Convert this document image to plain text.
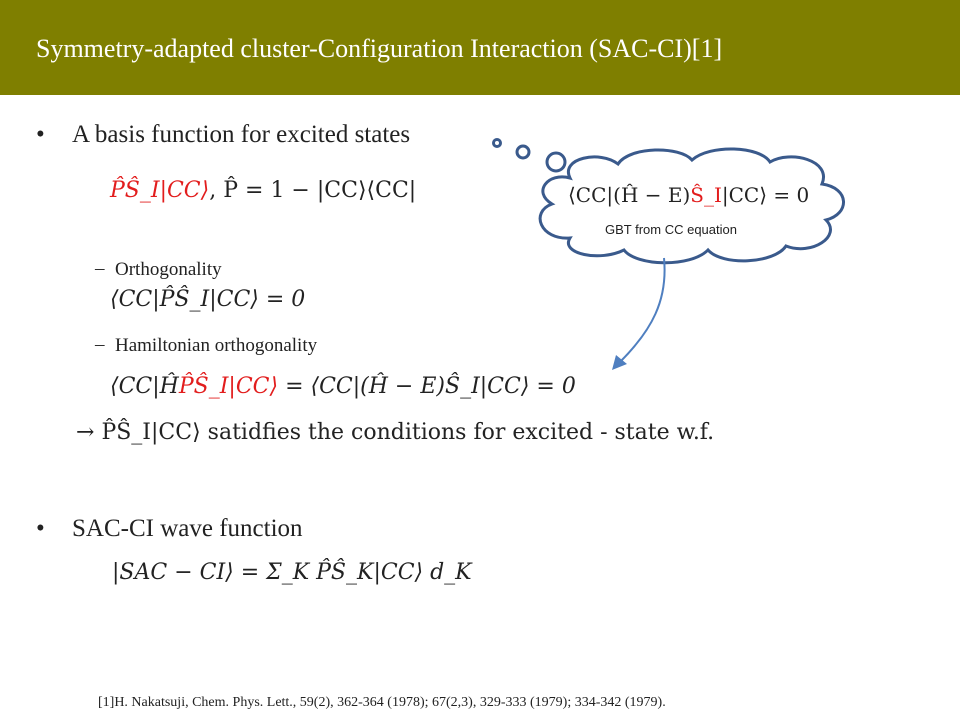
Symmetry-adapted cluster-Configuration Interaction (SAC-CI)[1]
• A basis function for excited states
P̂Ŝ_I|CC⟩, P̂ = 1 − |CC⟩⟨CC|
– Orthogonality
⟨CC|P̂Ŝ_I|CC⟩ = 0
– Hamiltonian orthogonality
⟨CC|ĤP̂Ŝ_I|CC⟩ = ⟨CC|(Ĥ − E)Ŝ_I|CC⟩ = 0
→ P̂Ŝ_I|CC⟩ satidfies the conditions for excited - state w.f.
• SAC-CI wave function
|SAC − CI⟩ = Σ_K P̂Ŝ_K|CC⟩ d_K
⟨CC|(Ĥ − E)Ŝ_I|CC⟩ = 0
GBT from CC equation
[1]H. Nakatsuji, Chem. Phys. Lett., 59(2), 362-364 (1978); 67(2,3), 329-333 (1979); 334-342 (1979).
